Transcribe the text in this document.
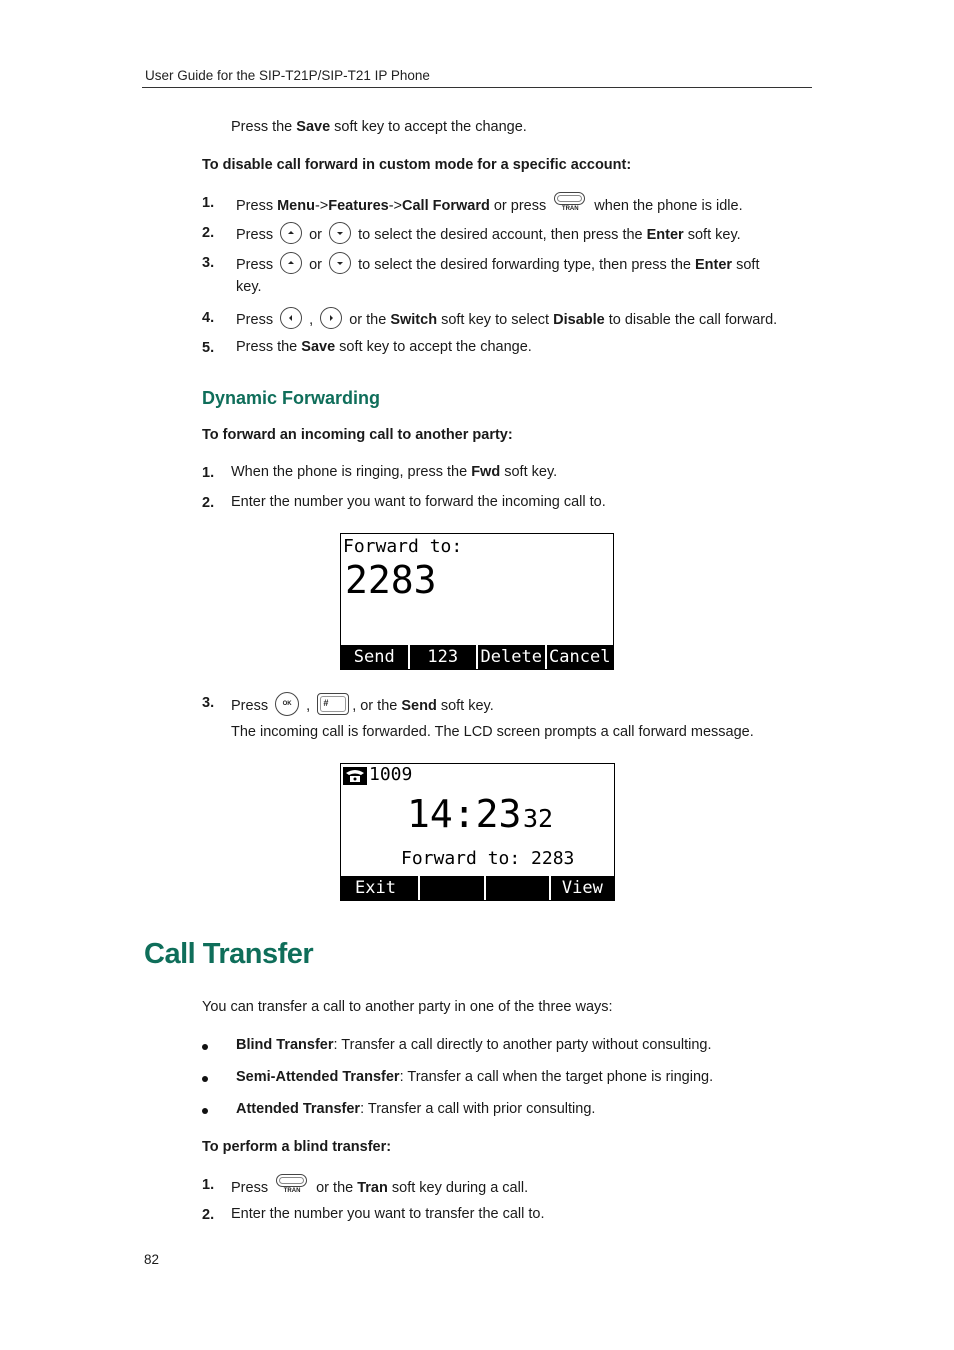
User Guide for the SIP-T21P/SIP-T21 IP Phone
Press the Save soft key to accept the change.
To disable call forward in custom mode for a specific account:
1. Press Menu->Features->Call Forward or press	TRAN when the phone is idle.
2. Press
or
to select the desired account, then press the Enter soft key.
3. Press
or
to select the desired forwarding type, then press the Enter soft
key.
4. Press
,
or the Switch soft key to select Disable to disable the call forward.
5. Press the Save soft key to accept the change.
Dynamic Forwarding
To forward an incoming call to another party:
1. When the phone is ringing, press the Fwd soft key.
2. Enter the number you want to forward the incoming call to.
Forward to:
2283
Send	123	Delete Cancel
3. Press OK , # , or the Send soft key.
The incoming call is forwarded. The LCD screen prompts a call forward message.
1009
14:23 32
Forward to: 2283
Exit	View
Call Transfer
You can transfer a call to another party in one of the three ways:
Blind Transfer: Transfer a call directly to another party without consulting.
Semi-Attended Transfer: Transfer a call when the target phone is ringing.
Attended Transfer: Transfer a call with prior consulting.
To perform a blind transfer:
1. Press	TRAN or the Tran soft key during a call.
2. Enter the number you want to transfer the call to.
82
